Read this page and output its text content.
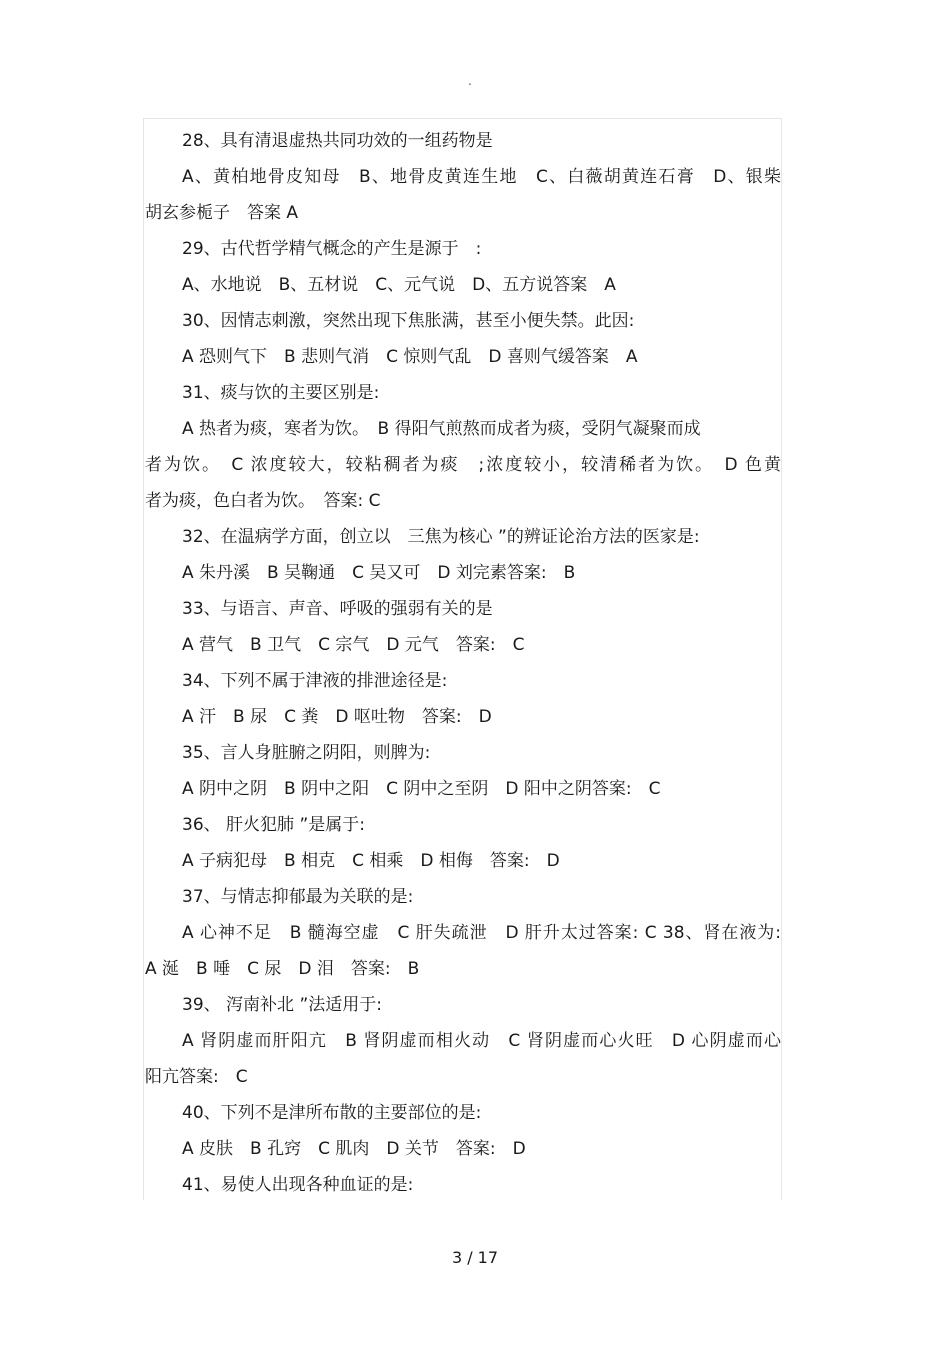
.
28、具有清退虚热共同功效的一组药物是
A、黄柏地骨皮知母　B、地骨皮黄连生地　C、白薇胡黄连石膏　D、银柴
胡玄参栀子　答案 A
29、古代哲学精气概念的产生是源于　:
A、水地说　B、五材说　C、元气说　D、五方说答案　A
30、因情志刺激，突然出现下焦胀满，甚至小便失禁。此因:
A 恐则气下　B 悲则气消　C 惊则气乱　D 喜则气缓答案　A
31、痰与饮的主要区别是:
A 热者为痰，寒者为饮。　B 得阳气煎熬而成者为痰，受阴气凝聚而成
者为饮。　C 浓度较大，较粘稠者为痰　;浓度较小，较清稀者为饮。　D 色黄
者为痰，色白者为饮。　答案: C
32、在温病学方面，创立以　三焦为核心 ”的辨证论治方法的医家是:
A 朱丹溪　B 吴鞠通　C 吴又可　D 刘完素答案:　B
33、与语言、声音、呼吸的强弱有关的是
A 营气　B 卫气　C 宗气　D 元气　答案:　C
34、下列不属于津液的排泄途径是:
A 汗　B 尿　C 粪　D 呕吐物　答案:　D
35、言人身脏腑之阴阳，则脾为:
A 阴中之阴　B 阴中之阳　C 阴中之至阴　D 阳中之阴答案:　C
36、 肝火犯肺 ”是属于:
A 子病犯母　B 相克　C 相乘　D 相侮　答案:　D
37、与情志抑郁最为关联的是:
A 心神不足　B 髓海空虚　C 肝失疏泄　D 肝升太过答案: C 38、肾在液为:
A 涎　B 唾　C 尿　D 泪　答案:　B
39、 泻南补北 ”法适用于:
A 肾阴虚而肝阳亢　B 肾阴虚而相火动　C 肾阴虚而心火旺　D 心阴虚而心
阳亢答案:　C
40、下列不是津所布散的主要部位的是:
A 皮肤　B 孔窍　C 肌肉　D 关节　答案:　D
41、易使人出现各种血证的是:
3 / 17
